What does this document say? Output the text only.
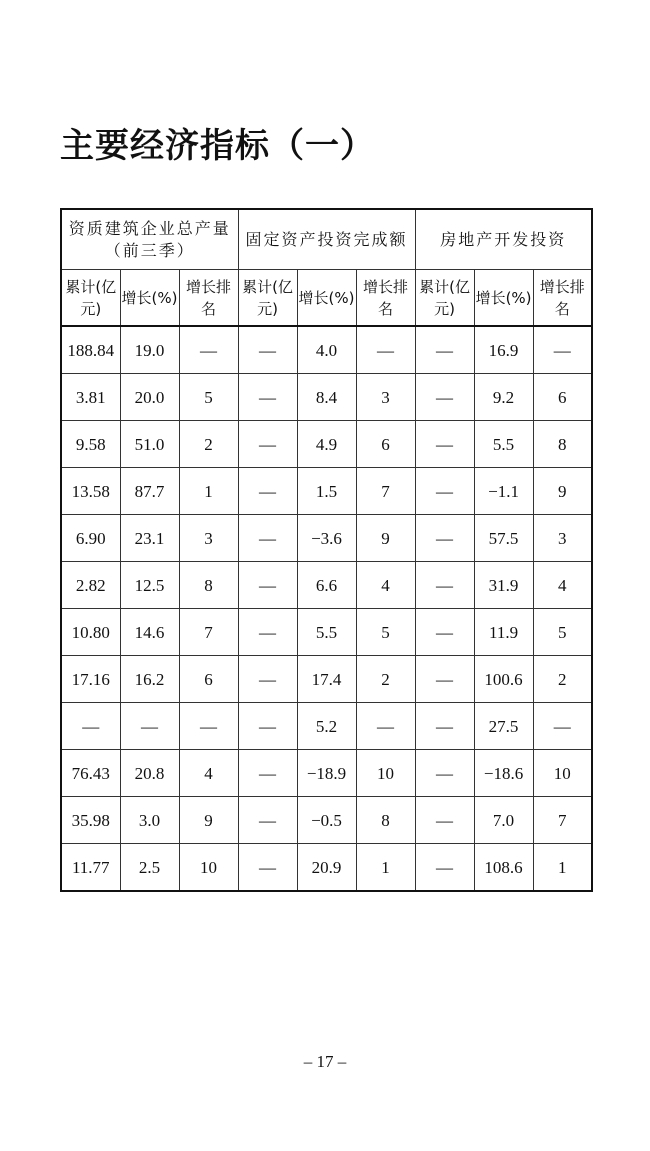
主要经济指标（一）
资质建筑企业总产量（前三季）			固定资产投资完成额			房地产开发投资		
累计(亿元)	增长(%)	增长排名	累计(亿元)	增长(%)	增长排名	累计(亿元)	增长(%)	增长排名
188.84	19.0	—	—	4.0	—	—	16.9	—
3.81	20.0	5	—	8.4	3	—	9.2	6
9.58	51.0	2	—	4.9	6	—	5.5	8
13.58	87.7	1	—	1.5	7	—	−1.1	9
6.90	23.1	3	—	−3.6	9	—	57.5	3
2.82	12.5	8	—	6.6	4	—	31.9	4
10.80	14.6	7	—	5.5	5	—	11.9	5
17.16	16.2	6	—	17.4	2	—	100.6	2
—	—	—	—	5.2	—	—	27.5	—
76.43	20.8	4	—	−18.9	10	—	−18.6	10
35.98	3.0	9	—	−0.5	8	—	7.0	7
11.77	2.5	10	—	20.9	1	—	108.6	1
– 17 –
